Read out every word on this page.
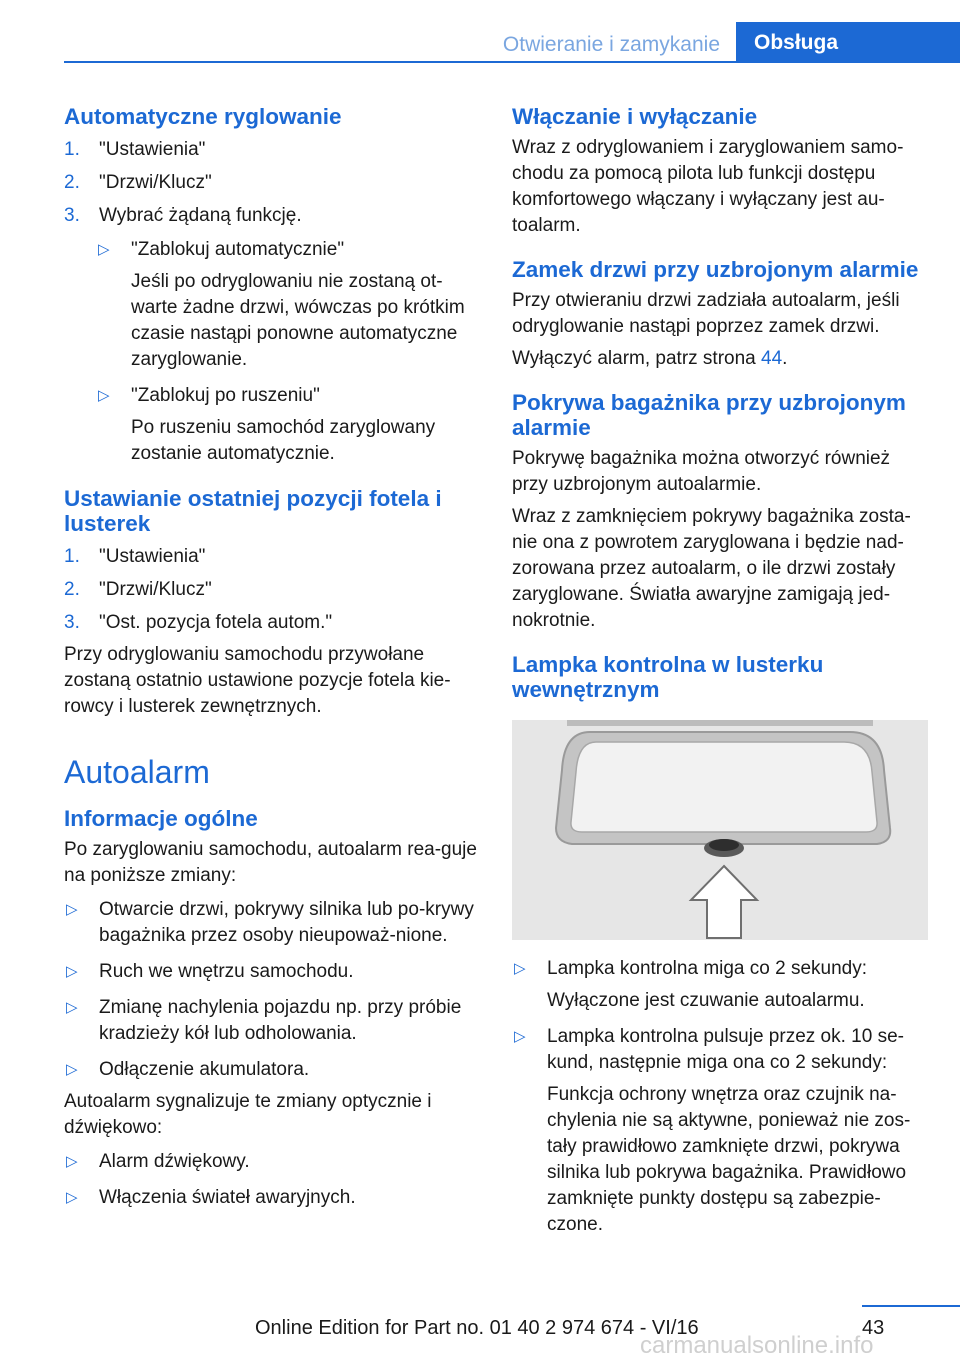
Otwieranie i zamykanie	Obsługa
Automatyczne ryglowanie
1. "Ustawienia"
2. "Drzwi/Klucz"
3. Wybrać żądaną funkcję.
▷ "Zablokuj automatycznie"
Jeśli po odryglowaniu nie zostaną ot-warte żadne drzwi, wówczas po krótkim czasie nastąpi ponowne automatyczne zaryglowanie.
▷ "Zablokuj po ruszeniu"
Po ruszeniu samochód zaryglowany zostanie automatycznie.
Ustawianie ostatniej pozycji fotela i lusterek
1. "Ustawienia"
2. "Drzwi/Klucz"
3. "Ost. pozycja fotela autom."

Przy odryglowaniu samochodu przywołane zostaną ostatnio ustawione pozycje fotela kie-rowcy i lusterek zewnętrznych.

Autoalarm
Informacje ogólne

Po zaryglowaniu samochodu, autoalarm rea-guje na poniższe zmiany:

▷ Otwarcie drzwi, pokrywy silnika lub po-krywy bagażnika przez osoby nieupoważ-nione.
▷ Ruch we wnętrzu samochodu.
▷ Zmianę nachylenia pojazdu np. przy próbie kradzieży kół lub odholowania.
▷ Odłączenie akumulatora.

Autoalarm sygnalizuje te zmiany optycznie i dźwiękowo:

▷ Alarm dźwiękowy.
▷ Włączenia świateł awaryjnych.
Włączanie i wyłączanie

Wraz z odryglowaniem i zaryglowaniem samo-chodu za pomocą pilota lub funkcji dostępu komfortowego włączany i wyłączany jest au-toalarm.

Zamek drzwi przy uzbrojonym alarmie

Przy otwieraniu drzwi zadziała autoalarm, jeśli odryglowanie nastąpi poprzez zamek drzwi.

Wyłączyć alarm, patrz strona 44.

Pokrywa bagażnika przy uzbrojonym alarmie

Pokrywę bagażnika można otworzyć również przy uzbrojonym autoalarmie.

Wraz z zamknięciem pokrywy bagażnika zosta-nie ona z powrotem zaryglowana i będzie nad-zorowana przez autoalarm, o ile drzwi zostały zaryglowane. Światła awaryjne zamigają jed-nokrotnie.

Lampka kontrolna w lusterku wewnętrznym
▷ Lampka kontrolna miga co 2 sekundy:
Wyłączone jest czuwanie autoalarmu.
▷ Lampka kontrolna pulsuje przez ok. 10 se-kund, następnie miga ona co 2 sekundy:
Funkcja ochrony wnętrza oraz czujnik na-chylenia nie są aktywne, ponieważ nie zos-tały prawidłowo zamknięte drzwi, pokrywa silnika lub pokrywa bagażnika. Prawidłowo zamknięte punkty dostępu są zabezpie-czone.
43
Online Edition for Part no. 01 40 2 974 674 - VI/16
carmanualsonline.info
